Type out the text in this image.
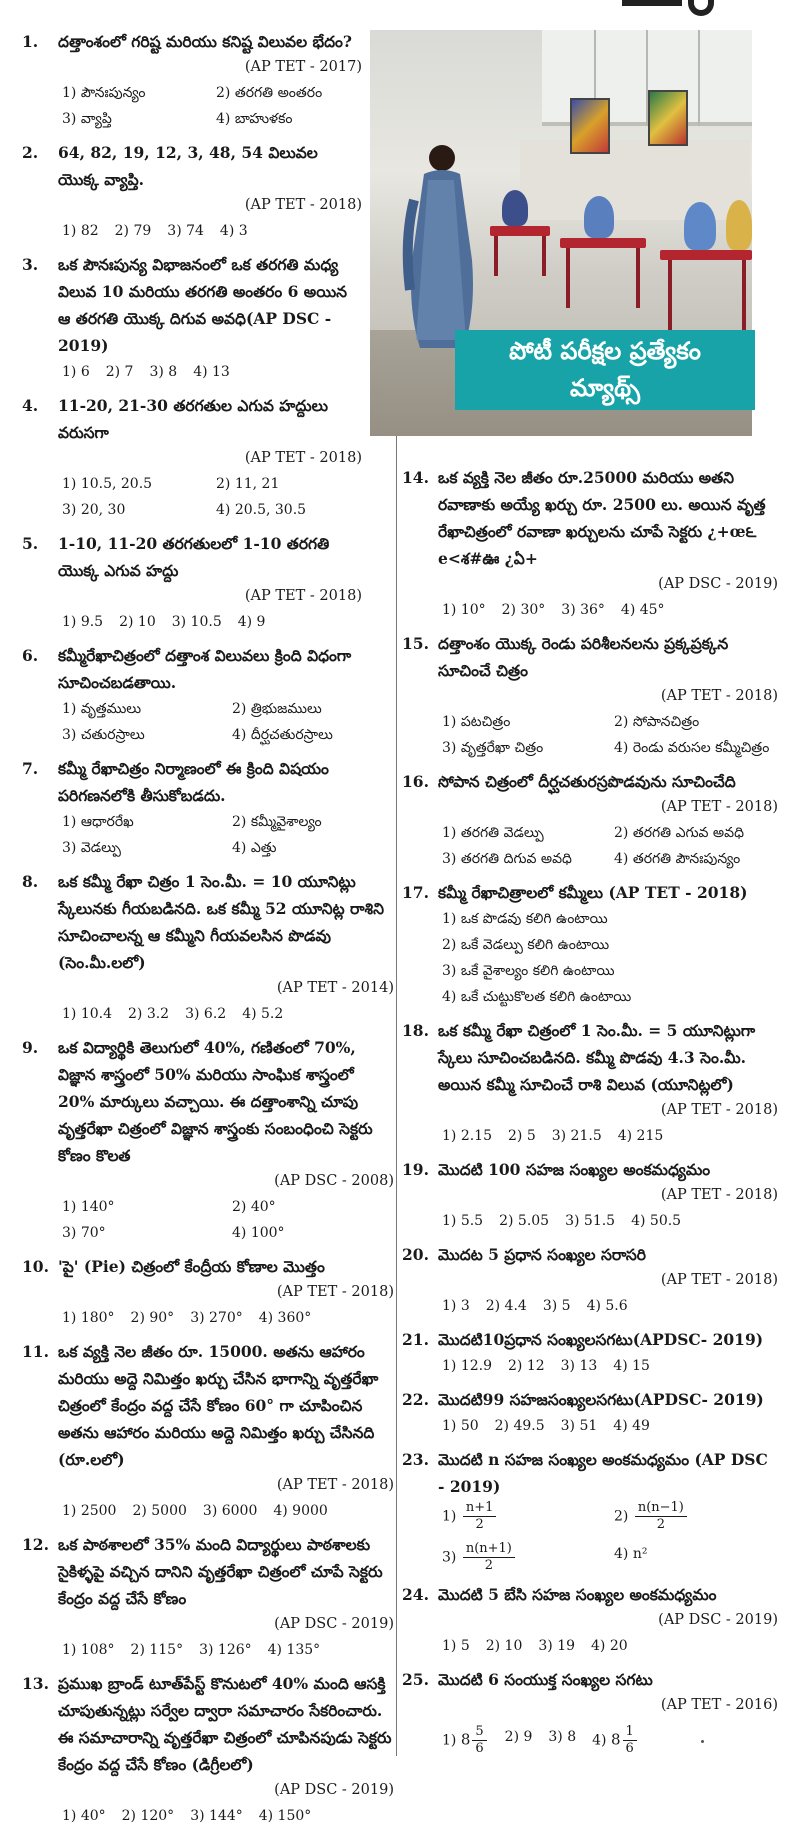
1.	దత్తాంశంలో గరిష్ట మరియు కనిష్ట విలువల భేదం?
(AP TET - 2017)
1) పౌనఃపున్యం	2) తరగతి అంతరం
3) వ్యాప్తి	4) బాహుళకం
2.	64, 82, 19, 12, 3, 48, 54 విలువల యొక్క వ్యాప్తి.
(AP TET - 2018)
1) 82 2) 79 3) 74 4) 3
3.	ఒక పౌనఃపున్య విభాజనంలో ఒక తరగతి మధ్య విలువ 10 మరియు తరగతి అంతరం 6 అయిన ఆ తరగతి యొక్క దిగువ అవధి(AP DSC - 2019)
1) 6 2) 7 3) 8 4) 13
4.	11-20, 21-30 తరగతుల ఎగువ హద్దులు వరుసగా
(AP TET - 2018)
1) 10.5, 20.5	2) 11, 21
3) 20, 30	4) 20.5, 30.5
5.	1-10, 11-20 తరగతులలో 1-10 తరగతి యొక్క ఎగువ హద్దు
(AP TET - 2018)
1) 9.5 2) 10 3) 10.5 4) 9
6.	కమ్మీరేఖాచిత్రంలో దత్తాంశ విలువలు క్రింది విధంగా సూచించబడతాయి.
1) వృత్తములు	2) త్రిభుజములు
3) చతురస్రాలు	4) దీర్ఘచతురస్రాలు
7.	కమ్మీ రేఖాచిత్రం నిర్మాణంలో ఈ క్రింది విషయం పరిగణనలోకి తీసుకోబడదు.
1) ఆధారరేఖ	2) కమ్మీవైశాల్యం
3) వెడల్పు	4) ఎత్తు
8.	ఒక కమ్మీ రేఖా చిత్రం 1 సెం.మీ. = 10 యూనిట్లు స్కేలునకు గీయబడినది. ఒక కమ్మీ 52 యూనిట్ల రాశిని సూచించాలన్న ఆ కమ్మీని గీయవలసిన పొడవు (సెం.మీ.లలో)
(AP TET - 2014)
1) 10.4 2) 3.2 3) 6.2 4) 5.2
9.	ఒక విద్యార్థికి తెలుగులో 40%, గణితంలో 70%, విజ్ఞాన శాస్త్రంలో 50% మరియు సాంఘిక శాస్త్రంలో 20% మార్కులు వచ్చాయి. ఈ దత్తాంశాన్ని చూపు వృత్తరేఖా చిత్రంలో విజ్ఞాన శాస్త్రంకు సంబంధించి సెక్టరు కోణం కొలత
(AP DSC - 2008)
1) 140°	2) 40°
3) 70°	4) 100°
10. 'పై' (Pie) చిత్రంలో కేంద్రీయ కోణాల మొత్తం
(AP TET - 2018)
1) 180° 2) 90° 3) 270° 4) 360°
11. ఒక వ్యక్తి నెల జీతం రూ. 15000. అతను ఆహారం మరియు అద్దె నిమిత్తం ఖర్చు చేసిన భాగాన్ని వృత్తరేఖా చిత్రంలో కేంద్రం వద్ద చేసే కోణం 60° గా చూపించిన అతను ఆహారం మరియు అద్దె నిమిత్తం ఖర్చు చేసినది (రూ.లలో)
(AP TET - 2018)
1) 2500 2) 5000 3) 6000 4) 9000
12. ఒక పాఠశాలలో 35% మంది విద్యార్థులు పాఠశాలకు సైకిళ్ళపై వచ్చిన దానిని వృత్తరేఖా చిత్రంలో చూపే సెక్టరు కేంద్రం వద్ద చేసే కోణం
(AP DSC - 2019)
1) 108° 2) 115° 3) 126° 4) 135°
13. ప్రముఖ బ్రాండ్ టూత్‌పేస్ట్ కొనుటలో 40% మంది ఆసక్తి చూపుతున్నట్లు సర్వేల ద్వారా సమాచారం సేకరించారు. ఈ సమాచారాన్ని వృత్తరేఖా చిత్రంలో చూపినపుడు సెక్టరు కేంద్రం వద్ద చేసే కోణం (డిగ్రీలలో)
(AP DSC - 2019)
1) 40° 2) 120° 3) 144° 4) 150°
పోటీ పరీక్షల ప్రత్యేకం
మ్యాథ్స్
14. ఒక వ్యక్తి నెల జీతం రూ.25000 మరియు అతని రవాణాకు అయ్యే ఖర్చు రూ. 2500 లు. అయిన వృత్త రేఖాచిత్రంలో రవాణా ఖర్చులను చూపే సెక్టరు ¿+œ౬ e<శ#ఊ ¿ఏ+
(AP DSC - 2019)
1) 10° 2) 30° 3) 36° 4) 45°
15. దత్తాంశం యొక్క రెండు పరిశీలనలను ప్రక్కప్రక్కన సూచించే చిత్రం
(AP TET - 2018)
1) పటచిత్రం	2) సోపానచిత్రం
3) వృత్తరేఖా చిత్రం	4) రెండు వరుసల కమ్మీచిత్రం
16. సోపాన చిత్రంలో దీర్ఘచతురస్రపొడవును సూచించేది
(AP TET - 2018)
1) తరగతి వెడల్పు	2) తరగతి ఎగువ అవధి
3) తరగతి దిగువ అవధి	4) తరగతి పౌనఃపున్యం
17. కమ్మీ రేఖాచిత్రాలలో కమ్మీలు (AP TET - 2018)
1) ఒక పొడవు కలిగి ఉంటాయి
2) ఒకే వెడల్పు కలిగి ఉంటాయి
3) ఒకే వైశాల్యం కలిగి ఉంటాయి
4) ఒకే చుట్టుకొలత కలిగి ఉంటాయి
18. ఒక కమ్మీ రేఖా చిత్రంలో 1 సెం.మీ. = 5 యూనిట్లుగా స్కేలు సూచించబడినది. కమ్మీ పొడవు 4.3 సెం.మీ. అయిన కమ్మీ సూచించే రాశి విలువ (యూనిట్లలో)
(AP TET - 2018)
1) 2.15 2) 5 3) 21.5 4) 215
19. మొదటి 100 సహజ సంఖ్యల అంకమధ్యమం
(AP TET - 2018)
1) 5.5 2) 5.05 3) 51.5 4) 50.5
20. మొదట 5 ప్రధాన సంఖ్యల సరాసరి
(AP TET - 2018)
1) 3 2) 4.4 3) 5 4) 5.6
21. మొదటి10ప్రధాన సంఖ్యలసగటు(APDSC- 2019)
1) 12.9 2) 12 3) 13 4) 15
22. మొదటి99 సహజసంఖ్యలసగటు(APDSC- 2019)
1) 50 2) 49.5 3) 51 4) 49
23. మొదటి n సహజ సంఖ్యల అంకమధ్యమం (AP DSC - 2019)
$1) \frac{n+1}{2}$	$2) \frac{n(n-1)}{2}$
$3) \frac{n(n+1)}{2}$	4) n²
24. మొదటి 5 బేసి సహజ సంఖ్యల అంకమధ్యమం
(AP DSC - 2019)
1) 5 2) 10 3) 19 4) 20
25. మొదటి 6 సంయుక్త సంఖ్యల సగటు
(AP TET - 2016)
1) $8 \frac{5}{6} 2$) 9 3) 8 4) $8 \frac{1}{6}$
